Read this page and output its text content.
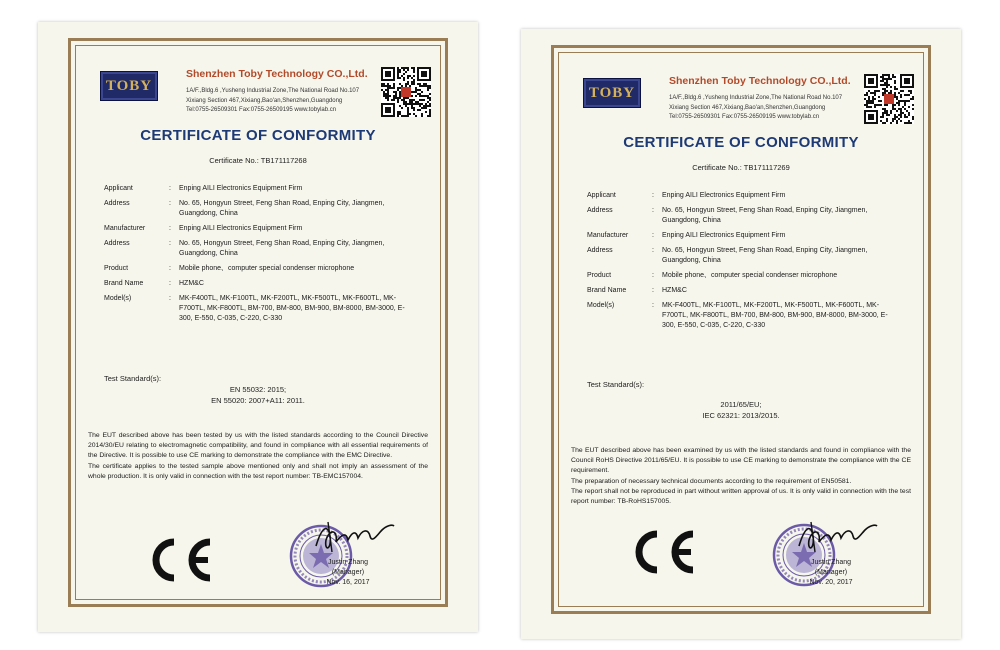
TOBY
Shenzhen Toby Technology CO.,Ltd.
1A/F.,Bldg.6 ,Yusheng Industrial Zone,The National Road No.107
Xixiang Section 467,Xixiang,Bao'an,Shenzhen,Guangdong
Tel:0755-26509301 Fax:0755-26509195 www.tobylab.cn
CERTIFICATE OF CONFORMITY
Certificate No.: TB171117268
Applicant	:	Enping AILI Electronics Equipment Firm
Address	:	No. 65, Hongyun Street, Feng Shan Road, Enping City, Jiangmen, Guangdong, China
Manufacturer	:	Enping AILI Electronics Equipment Firm
Address	:	No. 65, Hongyun Street, Feng Shan Road, Enping City, Jiangmen, Guangdong, China
Product	:	Mobile phone、computer special condenser microphone
Brand Name	:	HZM&C
Model(s)	:	MK-F400TL, MK-F100TL, MK-F200TL, MK-F500TL, MK-F600TL, MK-F700TL, MK-F800TL, BM-700, BM-800, BM-900, BM-8000, BM-3000, E-300, E-550, C-035, C-220, C-330
Test Standard(s):
EN 55032: 2015;
EN 55020: 2007+A11: 2011.
The EUT described above has been tested by us with the listed standards according to the Council Directive 2014/30/EU relating to electromagnetic compatibility, and found in compliance with all essential requirements of the Directive. It is possible to use CE marking to demonstrate the compliance with the EMC Directive.
The certificate applies to the tested sample above mentioned only and shall not imply an assessment of the whole production. It is only valid in connection with the test report number: TB-EMC157004.
Justin Zhang
(Manager)
Nov. 16, 2017
TOBY
Shenzhen Toby Technology CO.,Ltd.
1A/F.,Bldg.6 ,Yusheng Industrial Zone,The National Road No.107
Xixiang Section 467,Xixiang,Bao'an,Shenzhen,Guangdong
Tel:0755-26509301 Fax:0755-26509195 www.tobylab.cn
CERTIFICATE OF CONFORMITY
Certificate No.: TB171117269
Applicant	:	Enping AILI Electronics Equipment Firm
Address	:	No. 65, Hongyun Street, Feng Shan Road, Enping City, Jiangmen, Guangdong, China
Manufacturer	:	Enping AILI Electronics Equipment Firm
Address	:	No. 65, Hongyun Street, Feng Shan Road, Enping City, Jiangmen, Guangdong, China
Product	:	Mobile phone、computer special condenser microphone
Brand Name	:	HZM&C
Model(s)	:	MK-F400TL, MK-F100TL, MK-F200TL, MK-F500TL, MK-F600TL, MK-F700TL, MK-F800TL, BM-700, BM-800, BM-900, BM-8000, BM-3000, E-300, E-550, C-035, C-220, C-330
Test Standard(s):
2011/65/EU;
IEC 62321: 2013/2015.
The EUT described above has been examined by us with the listed standards and found in compliance with the Council RoHS Directive 2011/65/EU. It is possible to use CE marking to demonstrate the compliance with the CE requirement.
The preparation of necessary technical documents according to the requirement of EN50581.
The report shall not be reproduced in part without written approval of us. It is only valid in connection with the test report number: TB-RoHS157005.
Justin Zhang
(Manager)
Nov. 20, 2017
